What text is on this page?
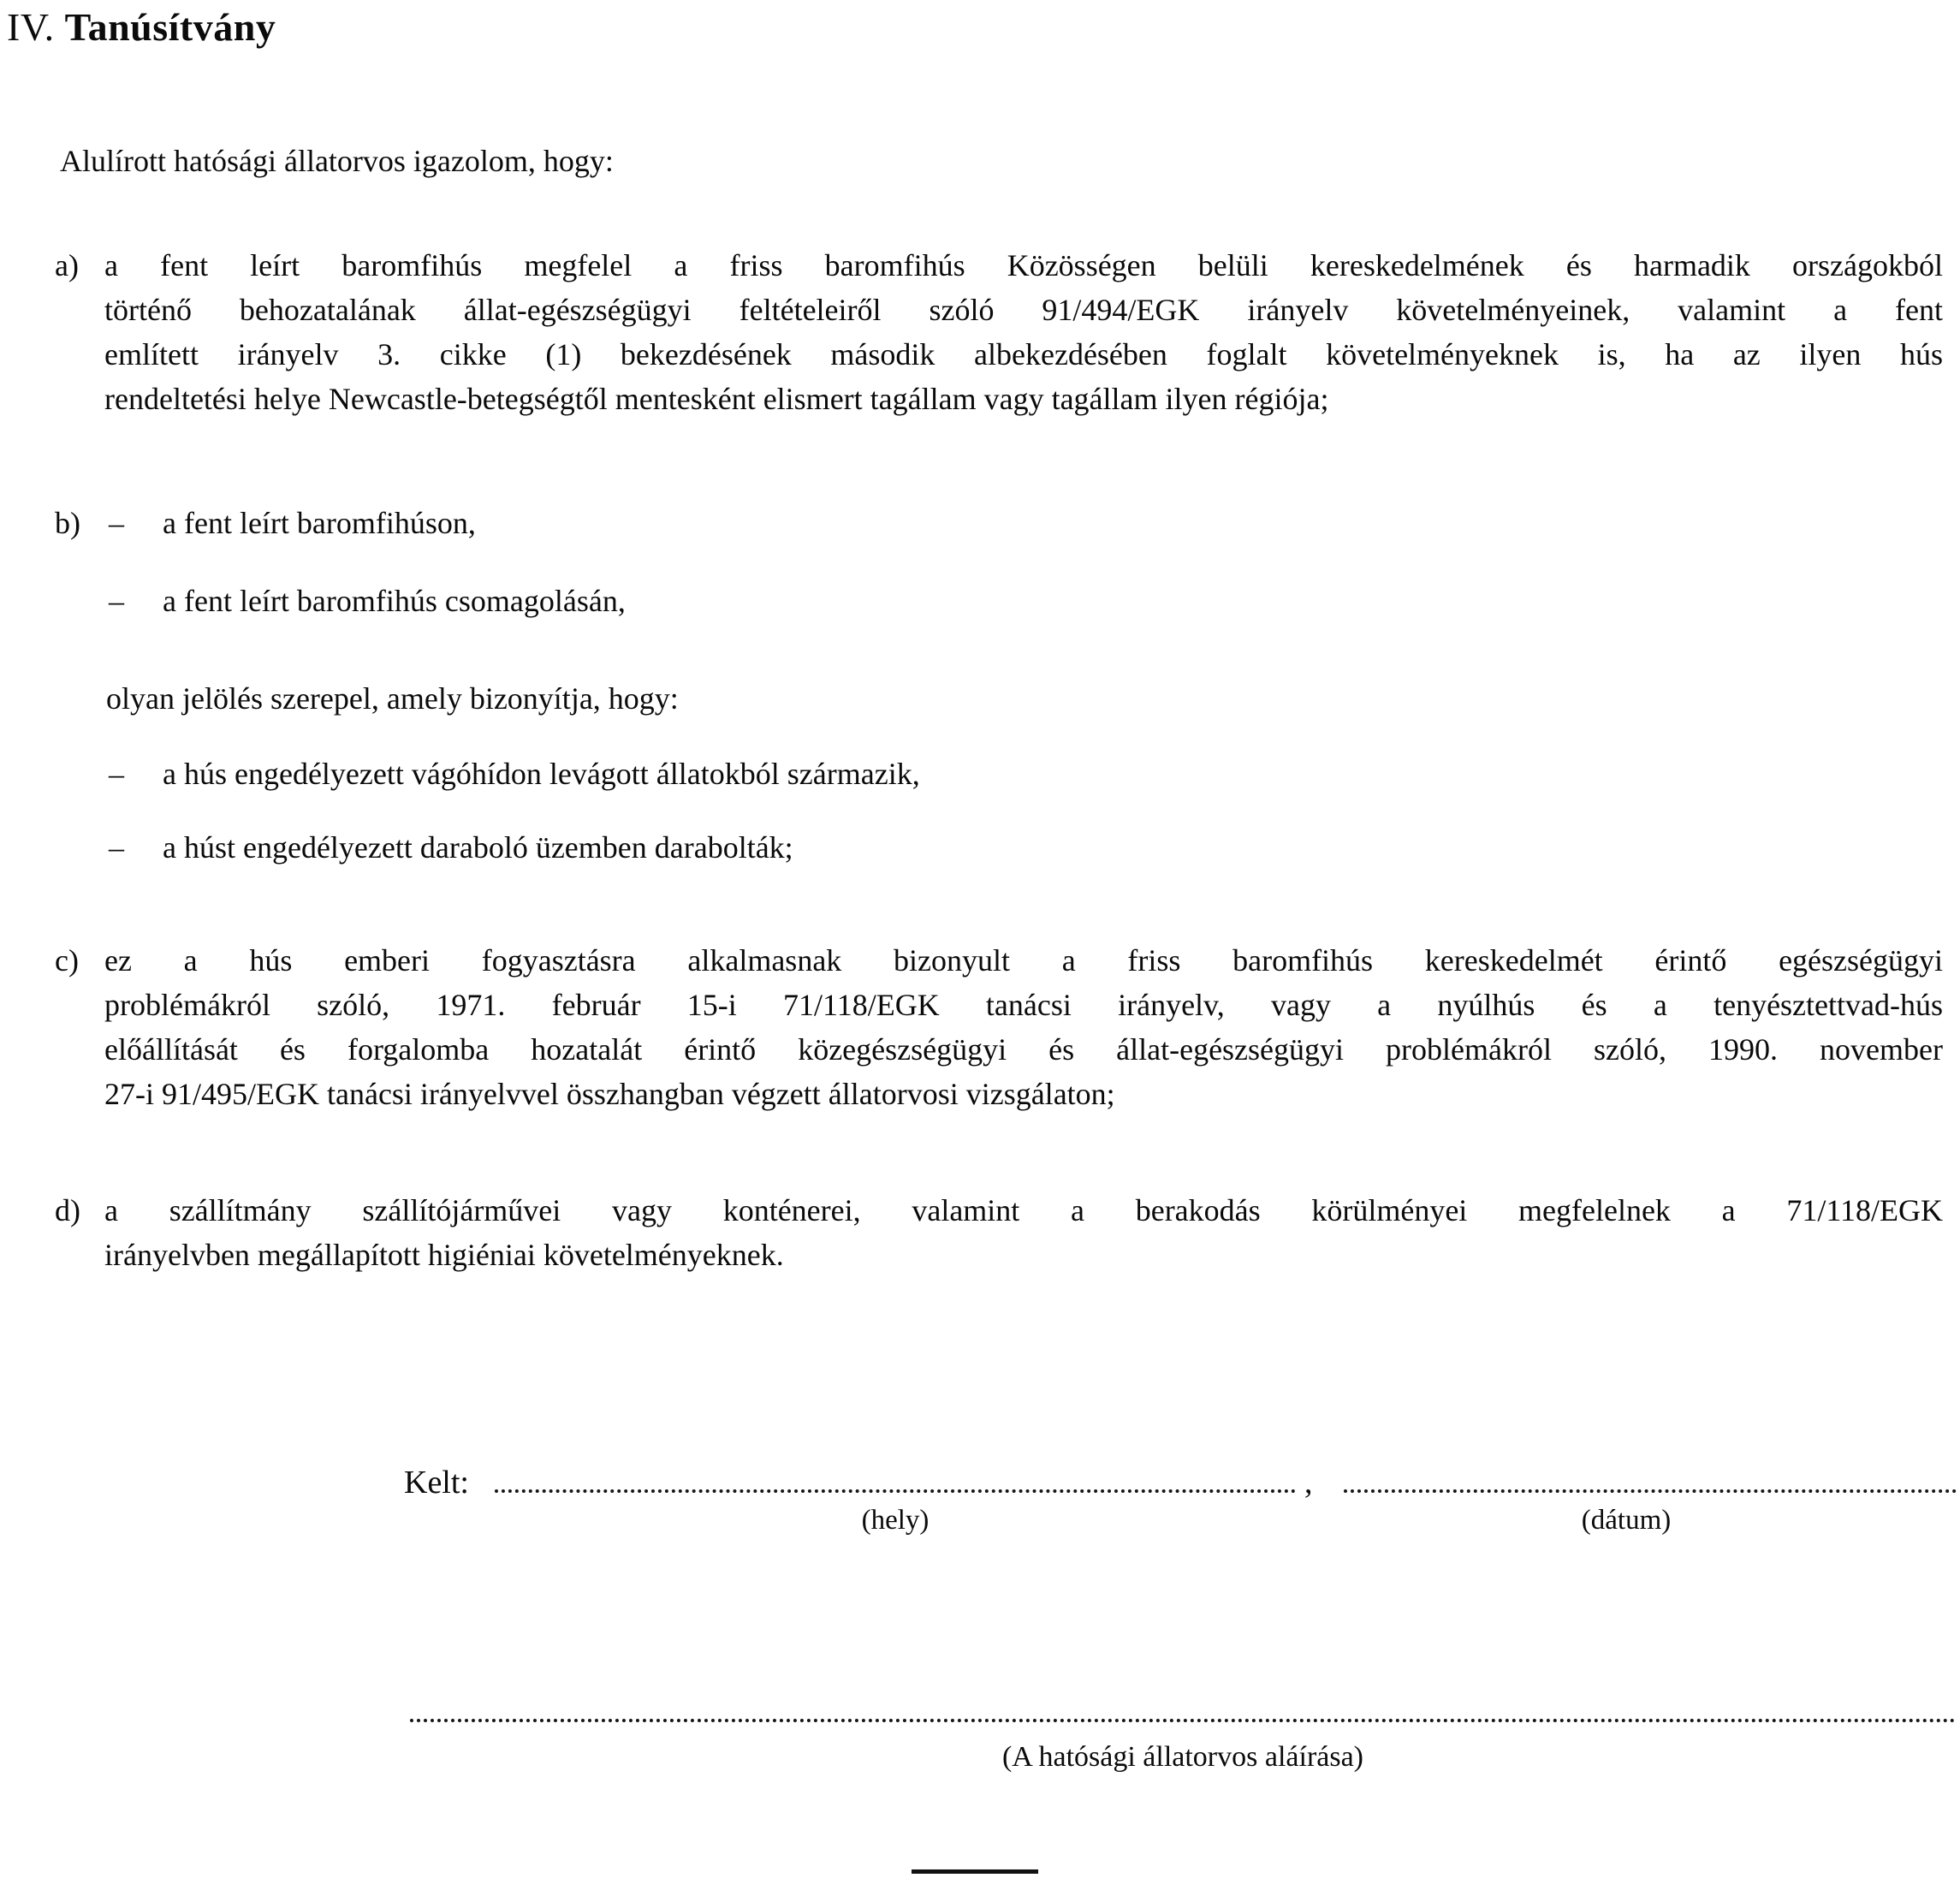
IV. Tanúsítvány
Alulírott hatósági állatorvos igazolom, hogy:
a) a fent leírt baromfihús megfelel a friss baromfihús Közösségen belüli kereskedelmének és harmadik országokból
történő behozatalának állat-egészségügyi feltételeiről szóló 91/494/EGK irányelv követelményeinek, valamint a fent
említett irányelv 3. cikke (1) bekezdésének második albekezdésében foglalt követelményeknek is, ha az ilyen hús
rendeltetési helye Newcastle-betegségtől mentesként elismert tagállam vagy tagállam ilyen régiója;
b) – a fent leírt baromfihúson,
– a fent leírt baromfihús csomagolásán,
olyan jelölés szerepel, amely bizonyítja, hogy:
– a hús engedélyezett vágóhídon levágott állatokból származik,
– a húst engedélyezett daraboló üzemben darabolták;
c) ez a hús emberi fogyasztásra alkalmasnak bizonyult a friss baromfihús kereskedelmét érintő egészségügyi
problémákról szóló, 1971. február 15-i 71/118/EGK tanácsi irányelv, vagy a nyúlhús és a tenyésztettvad-hús
előállítását és forgalomba hozatalát érintő közegészségügyi és állat-egészségügyi problémákról szóló, 1990. november
27-i 91/495/EGK tanácsi irányelvvel összhangban végzett állatorvosi vizsgálaton;
d) a szállítmány szállítójárművei vagy konténerei, valamint a berakodás körülményei megfelelnek a 71/118/EGK
irányelvben megállapított higiéniai követelményeknek.
Kelt:	,
(hely)	(dátum)
(A hatósági állatorvos aláírása)
